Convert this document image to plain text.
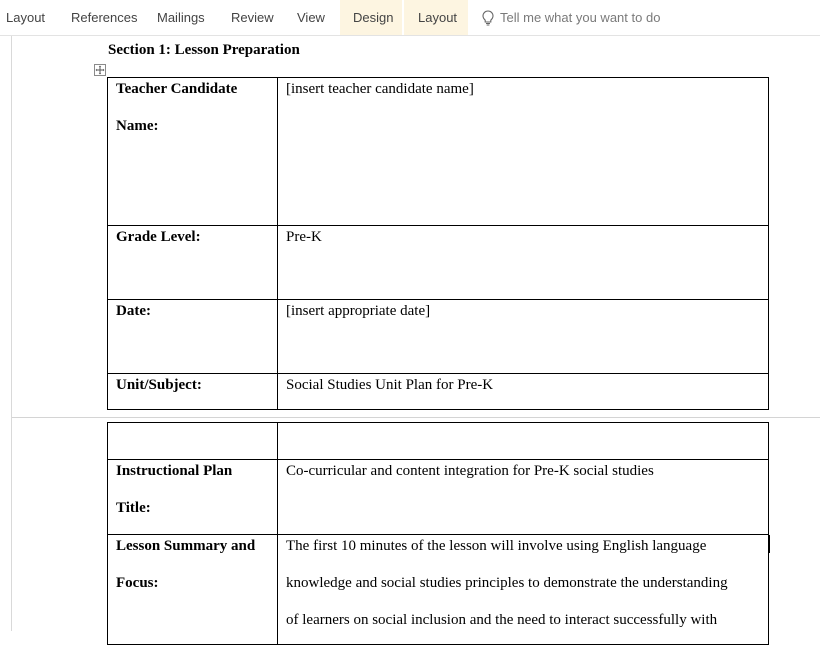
Layout References Mailings Review View	Design	Layout	Tell me what you want to do
Section 1: Lesson Preparation
Teacher Candidate
Name:	[insert teacher candidate name]

Grade Level:	Pre-K

Date:	[insert appropriate date]

Unit/Subject:	Social Studies Unit Plan for Pre-K

Instructional Plan
Title:	Co-curricular and content integration for Pre-K social studies

Lesson Summary and
Focus:	The first 10 minutes of the lesson will involve using English language
knowledge and social studies principles to demonstrate the understanding
of learners on social inclusion and the need to interact successfully with
